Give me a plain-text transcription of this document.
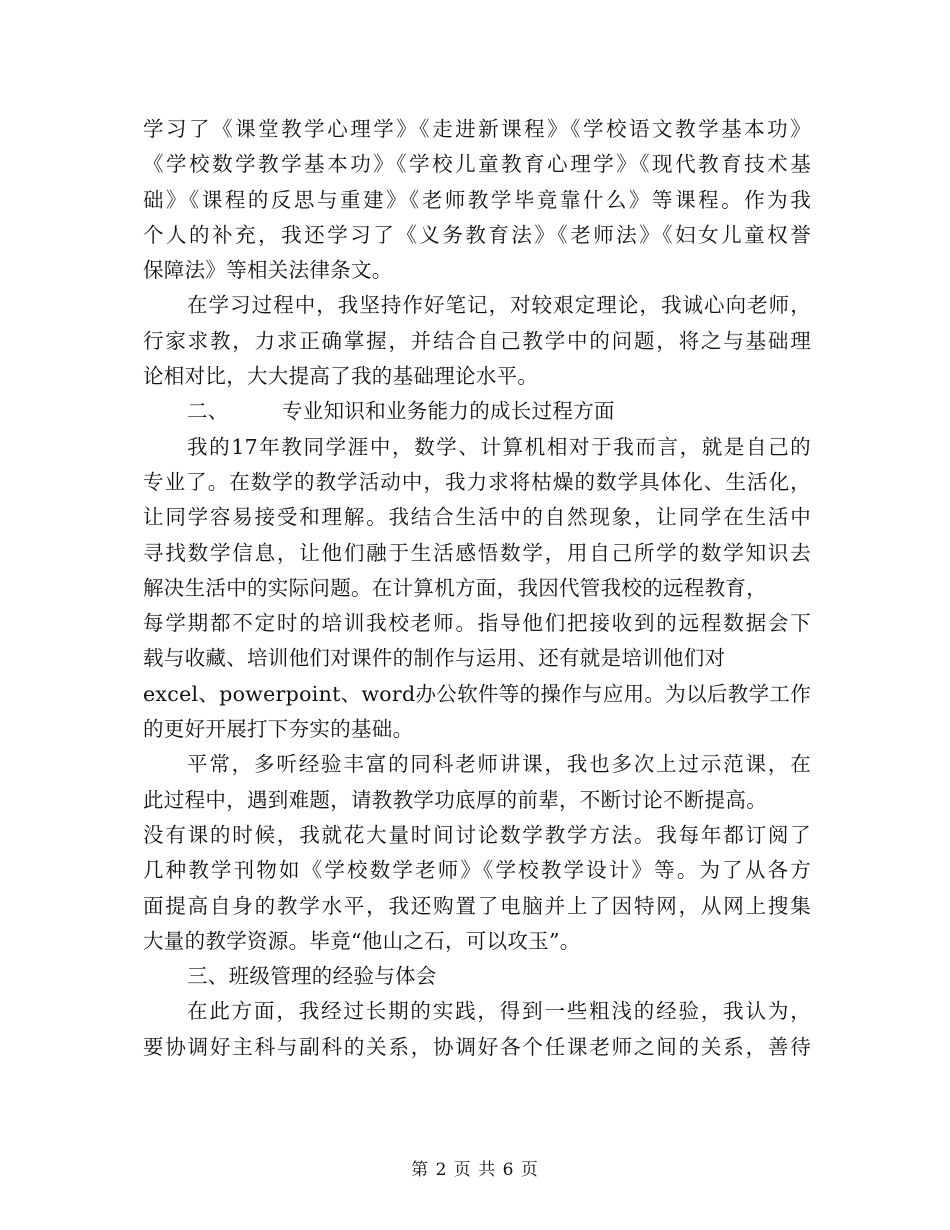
学习了《课堂教学心理学》《走进新课程》《学校语文教学基本功》
《学校数学教学基本功》《学校儿童教育心理学》《现代教育技术基
础》《课程的反思与重建》《老师教学毕竟靠什么》等课程。作为我
个人的补充，我还学习了《义务教育法》《老师法》《妇女儿童权誉
保障法》等相关法律条文。
在学习过程中，我坚持作好笔记，对较艰定理论，我诚心向老师，
行家求教，力求正确掌握，并结合自己教学中的问题，将之与基础理
论相对比，大大提高了我的基础理论水平。
二、	专业知识和业务能力的成长过程方面
我的17年教同学涯中，数学、计算机相对于我而言，就是自己的
专业了。在数学的教学活动中，我力求将枯燥的数学具体化、生活化，
让同学容易接受和理解。我结合生活中的自然现象，让同学在生活中
寻找数学信息，让他们融于生活感悟数学，用自己所学的数学知识去
解决生活中的实际问题。在计算机方面，我因代管我校的远程教育，
每学期都不定时的培训我校老师。指导他们把接收到的远程数据会下
载与收藏、培训他们对课件的制作与运用、还有就是培训他们对
excel、powerpoint、word办公软件等的操作与应用。为以后教学工作
的更好开展打下夯实的基础。
平常，多听经验丰富的同科老师讲课，我也多次上过示范课，在
此过程中，遇到难题，请教教学功底厚的前辈，不断讨论不断提高。
没有课的时候，我就花大量时间讨论数学教学方法。我每年都订阅了
几种教学刊物如《学校数学老师》《学校教学设计》等。为了从各方
面提高自身的教学水平，我还购置了电脑并上了因特网，从网上搜集
大量的教学资源。毕竟“他山之石，可以攻玉”。
三、班级管理的经验与体会
在此方面，我经过长期的实践，得到一些粗浅的经验，我认为，
要协调好主科与副科的关系，协调好各个任课老师之间的关系，善待
第 2 页 共 6 页
